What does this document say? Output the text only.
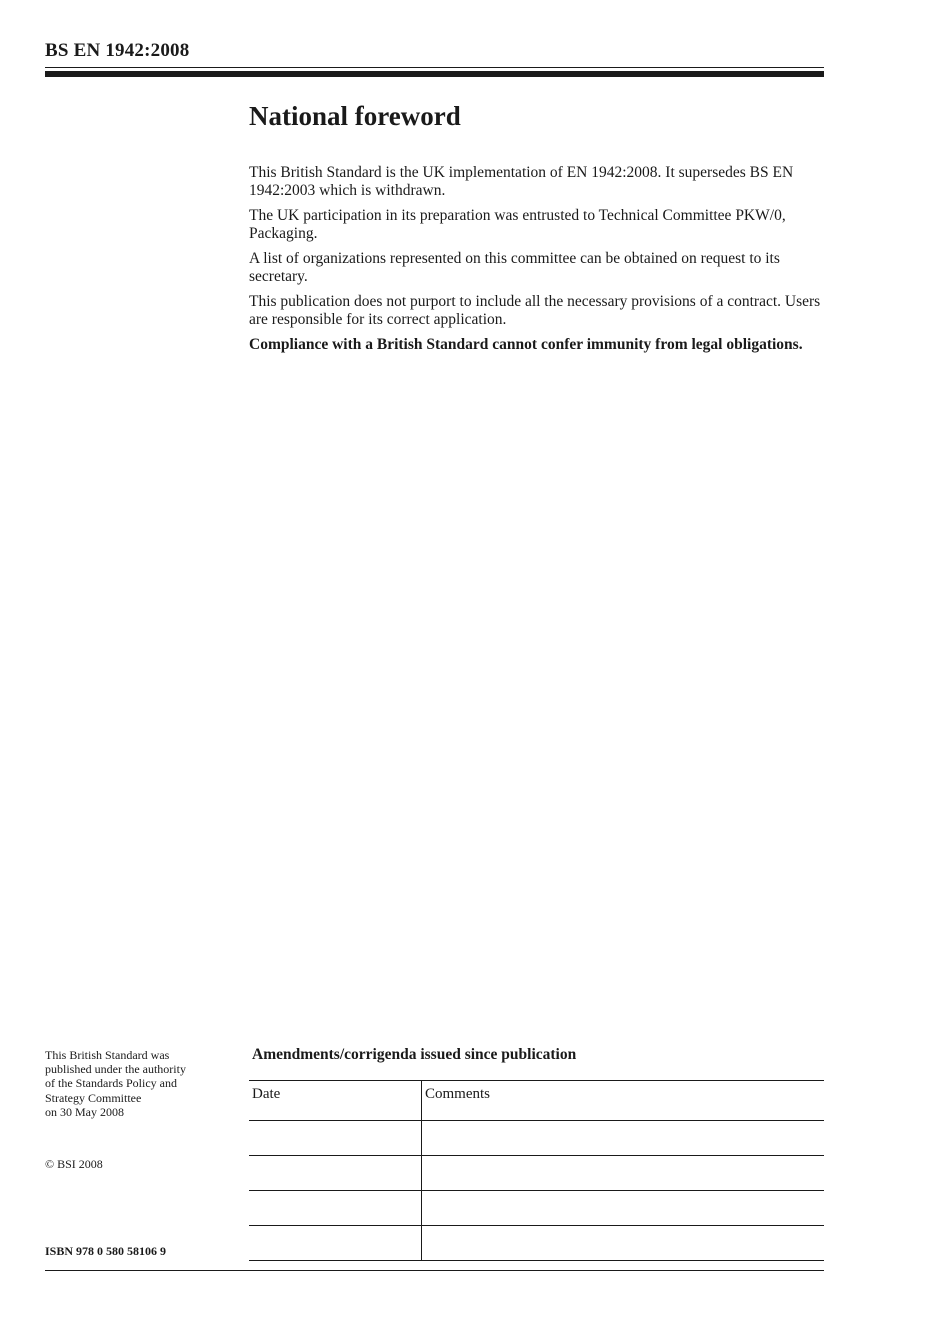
BS EN 1942:2008
National foreword

This British Standard is the UK implementation of EN 1942:2008. It supersedes BS EN 1942:2003 which is withdrawn.

The UK participation in its preparation was entrusted to Technical Committee PKW/0, Packaging.

A list of organizations represented on this committee can be obtained on request to its secretary.

This publication does not purport to include all the necessary provisions of a contract. Users are responsible for its correct application.

Compliance with a British Standard cannot confer immunity from legal obligations.

This British Standard was
published under the authority
of the Standards Policy and
Strategy Committee
on 30 May 2008
© BSI 2008
ISBN 978 0 580 58106 9
Amendments/corrigenda issued since publication
Date	Comments
